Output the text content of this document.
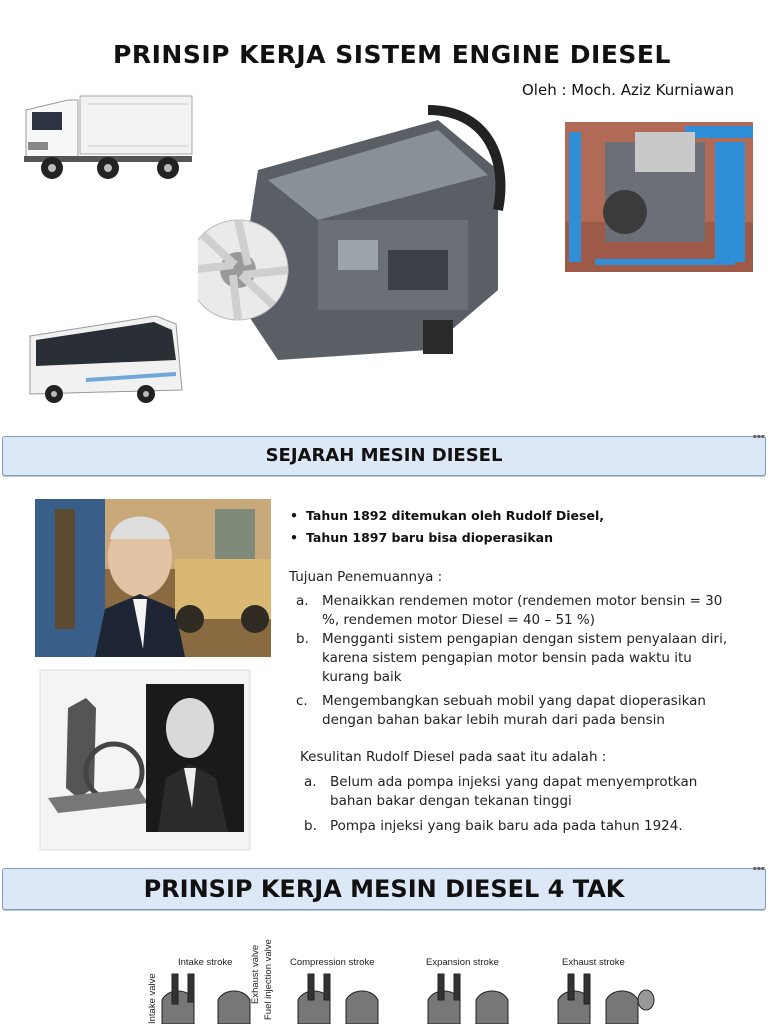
PRINSIP KERJA SISTEM ENGINE DIESEL
Oleh : Moch. Aziz Kurniawan
SEJARAH MESIN DIESEL
▪▪▪
• Tahun 1892 ditemukan oleh Rudolf Diesel,
• Tahun 1897 baru bisa dioperasikan
Tujuan Penemuannya :
a. Menaikkan rendemen motor (rendemen motor bensin = 30 %, rendemen motor Diesel = 40 – 51 %)
b. Mengganti sistem pengapian dengan sistem penyalaan diri, karena sistem pengapian motor bensin pada waktu itu kurang baik
c.	Mengembangkan sebuah mobil yang dapat dioperasikan dengan bahan bakar lebih murah dari pada bensin
Kesulitan Rudolf Diesel pada saat itu adalah :
a. Belum ada pompa injeksi yang dapat menyemprotkan bahan bakar dengan tekanan tinggi
b. Pompa injeksi yang baik baru ada pada tahun 1924.
PRINSIP KERJA MESIN DIESEL 4 TAK
▪▪▪
Intake stroke	Compression stroke	Expansion stroke	Exhaust stroke
Intake valve	Exhaust valve Fuel injection valve
